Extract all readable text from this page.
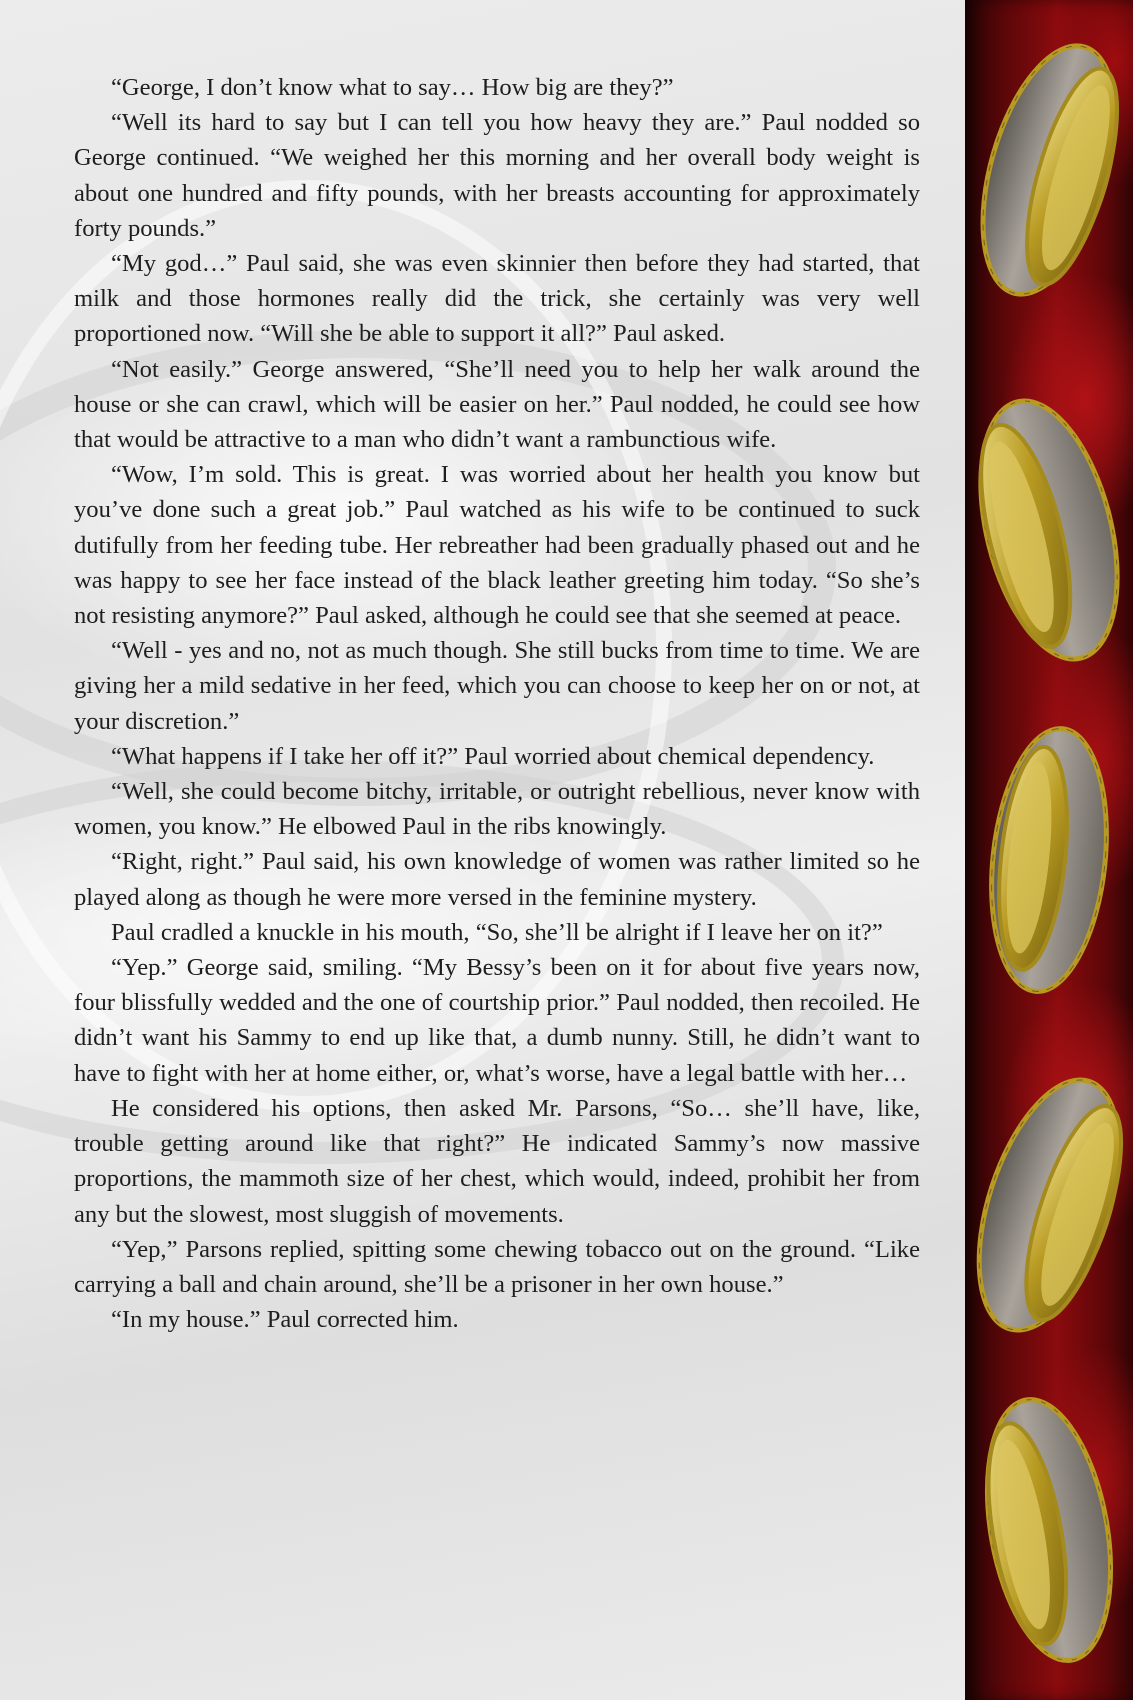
“George, I don’t know what to say… How big are they?”

“Well its hard to say but I can tell you how heavy they are.” Paul nodded so George continued. “We weighed her this morning and her overall body weight is about one hundred and fifty pounds, with her breasts accounting for approximately forty pounds.”

“My god…” Paul said, she was even skinnier then before they had started, that milk and those hormones really did the trick, she certainly was very well proportioned now. “Will she be able to support it all?” Paul asked.

“Not easily.” George answered, “She’ll need you to help her walk around the house or she can crawl, which will be easier on her.” Paul nodded, he could see how that would be attractive to a man who didn’t want a rambunctious wife.

“Wow, I’m sold. This is great. I was worried about her health you know but you’ve done such a great job.” Paul watched as his wife to be continued to suck dutifully from her feeding tube. Her rebreather had been gradually phased out and he was happy to see her face instead of the black leather greeting him today. “So she’s not resisting anymore?” Paul asked, although he could see that she seemed at peace.

“Well - yes and no, not as much though. She still bucks from time to time. We are giving her a mild sedative in her feed, which you can choose to keep her on or not, at your discretion.”

“What happens if I take her off it?” Paul worried about chemical dependency.

“Well, she could become bitchy, irritable, or outright rebellious, never know with women, you know.” He elbowed Paul in the ribs knowingly.

“Right, right.” Paul said, his own knowledge of women was rather limited so he played along as though he were more versed in the feminine mystery.

Paul cradled a knuckle in his mouth, “So, she’ll be alright if I leave her on it?”

“Yep.” George said, smiling. “My Bessy’s been on it for about five years now, four blissfully wedded and the one of courtship prior.” Paul nodded, then recoiled. He didn’t want his Sammy to end up like that, a dumb nunny. Still, he didn’t want to have to fight with her at home either, or, what’s worse, have a legal battle with her…

He considered his options, then asked Mr. Parsons, “So… she’ll have, like, trouble getting around like that right?” He indicated Sammy’s now massive proportions, the mammoth size of her chest, which would, indeed, prohibit her from any but the slowest, most sluggish of movements.

“Yep,” Parsons replied, spitting some chewing tobacco out on the ground. “Like carrying a ball and chain around, she’ll be a prisoner in her own house.”

“In my house.” Paul corrected him.
